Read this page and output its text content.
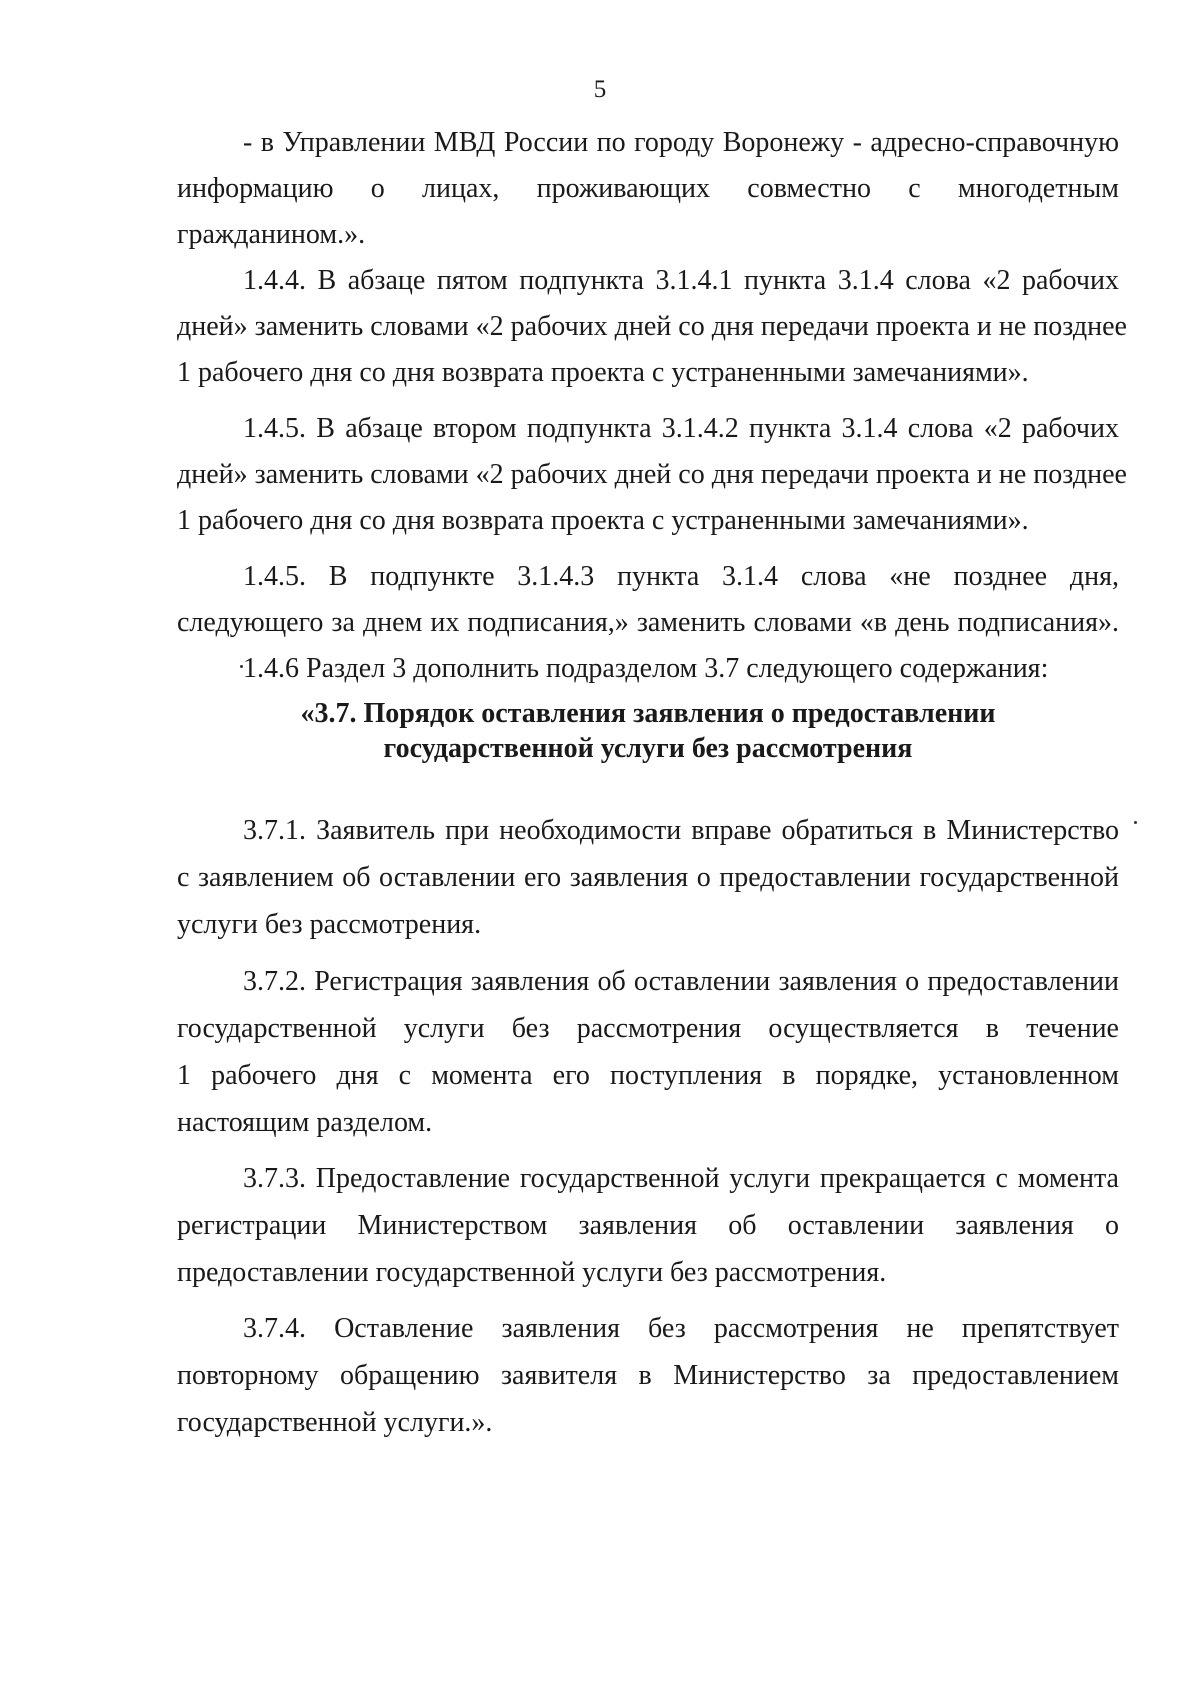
5
- в Управлении МВД России по городу Воронежу - адресно-справочную
информацию о лицах, проживающих совместно с многодетным
гражданином.».
1.4.4. В абзаце пятом подпункта 3.1.4.1 пункта 3.1.4 слова «2 рабочих
дней» заменить словами «2 рабочих дней со дня передачи проекта и не позднее
1 рабочего дня со дня возврата проекта с устраненными замечаниями».
1.4.5. В абзаце втором подпункта 3.1.4.2 пункта 3.1.4 слова «2 рабочих
дней» заменить словами «2 рабочих дней со дня передачи проекта и не позднее
1 рабочего дня со дня возврата проекта с устраненными замечаниями».
1.4.5. В подпункте 3.1.4.3 пункта 3.1.4 слова «не позднее дня,
следующего за днем их подписания,» заменить словами «в день подписания».
1.4.6 Раздел 3 дополнить подразделом 3.7 следующего содержания:
«3.7. Порядок оставления заявления о предоставлении
государственной услуги без рассмотрения
3.7.1. Заявитель при необходимости вправе обратиться в Министерство
с заявлением об оставлении его заявления о предоставлении государственной
услуги без рассмотрения.
3.7.2. Регистрация заявления об оставлении заявления о предоставлении
государственной услуги без рассмотрения осуществляется в течение
1 рабочего дня с момента его поступления в порядке, установленном
настоящим разделом.
3.7.3. Предоставление государственной услуги прекращается с момента
регистрации Министерством заявления об оставлении заявления о
предоставлении государственной услуги без рассмотрения.
3.7.4. Оставление заявления без рассмотрения не препятствует
повторному обращению заявителя в Министерство за предоставлением
государственной услуги.».
